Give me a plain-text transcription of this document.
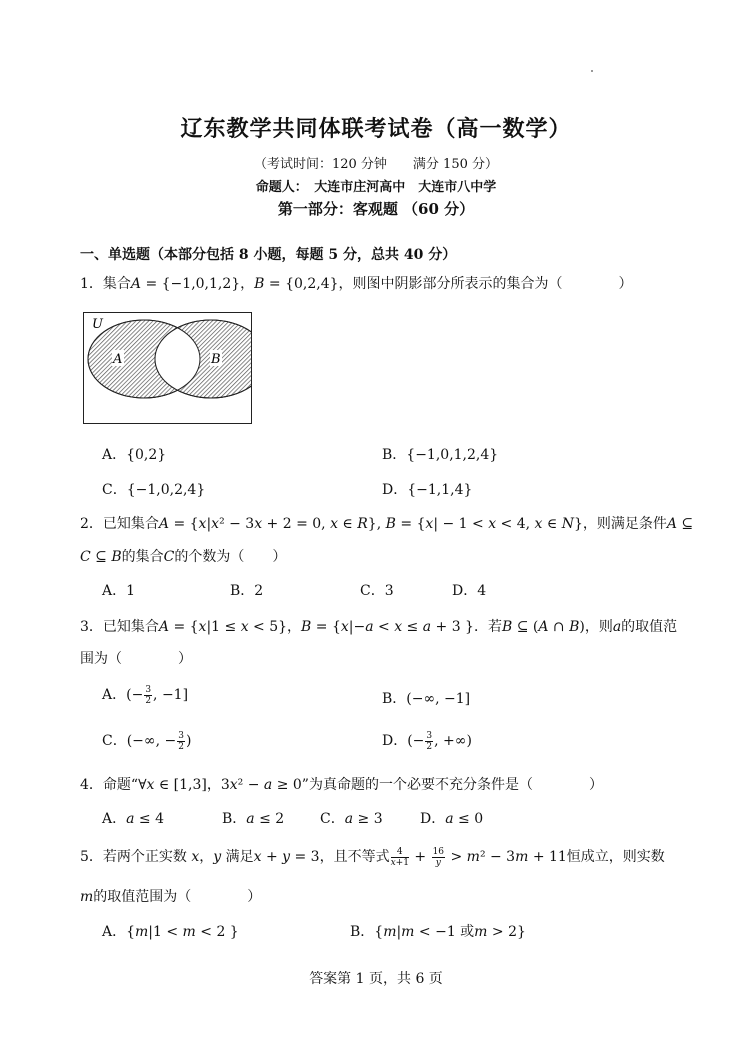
辽东教学共同体联考试卷（高一数学）
（考试时间：120 分钟　　满分 150 分）
命题人：　大连市庄河高中　大连市八中学
第一部分：客观题 （60 分）
一、单选题（本部分包括 8 小题，每题 5 分，总共 40 分）
1．集合𝐴 = {−1,0,1,2}，𝐵 = {0,2,4}，则图中阴影部分所表示的集合为（　　　　）
U
A	B
A．{0,2}	B．{−1,0,1,2,4}
C．{−1,0,2,4}	D．{−1,1,4}
2．已知集合𝐴 = {𝑥|𝑥² − 3𝑥 + 2 = 0, 𝑥 ∈ 𝑅}, 𝐵 = {𝑥| − 1 < 𝑥 < 4, 𝑥 ∈ 𝑁}，则满足条件𝐴 ⊆
𝐶 ⊆ 𝐵的集合𝐶的个数为（　　）
A．1	B．2	C．3	D．4
3．已知集合𝐴 = {𝑥|1 ≤ 𝑥 < 5}，𝐵 = {𝑥|−𝑎 < 𝑥 ≤ 𝑎 + 3 }．若𝐵 ⊆ (𝐴 ∩ 𝐵)，则𝑎的取值范
围为（　　　　）
A．(− $\frac{3}{2}$ , −1]	B．(−∞, −1]
C．(−∞, − $\frac{3}{2}$ )	D．(− $\frac{3}{2}$ , +∞)
4．命题“∀𝑥 ∈ [1,3]，3𝑥² − 𝑎 ≥ 0”为真命题的一个必要不充分条件是（　　　　）
A．𝑎 ≤ 4	B．𝑎 ≤ 2	C．𝑎 ≥ 3	D．𝑎 ≤ 0
5．若两个正实数 𝑥，𝑦 满足𝑥 + 𝑦 = 3，且不等式 $\frac{4}{\text{𝑥+1}} + \frac{16}{\text{𝑦}}$ > 𝑚² − 3𝑚 + 11恒成立，则实数
𝑚的取值范围为（　　　　）
A．{𝑚|1 < 𝑚 < 2 }	B．{𝑚|𝑚 < −1 或𝑚 > 2}
答案第 1 页，共 6 页
